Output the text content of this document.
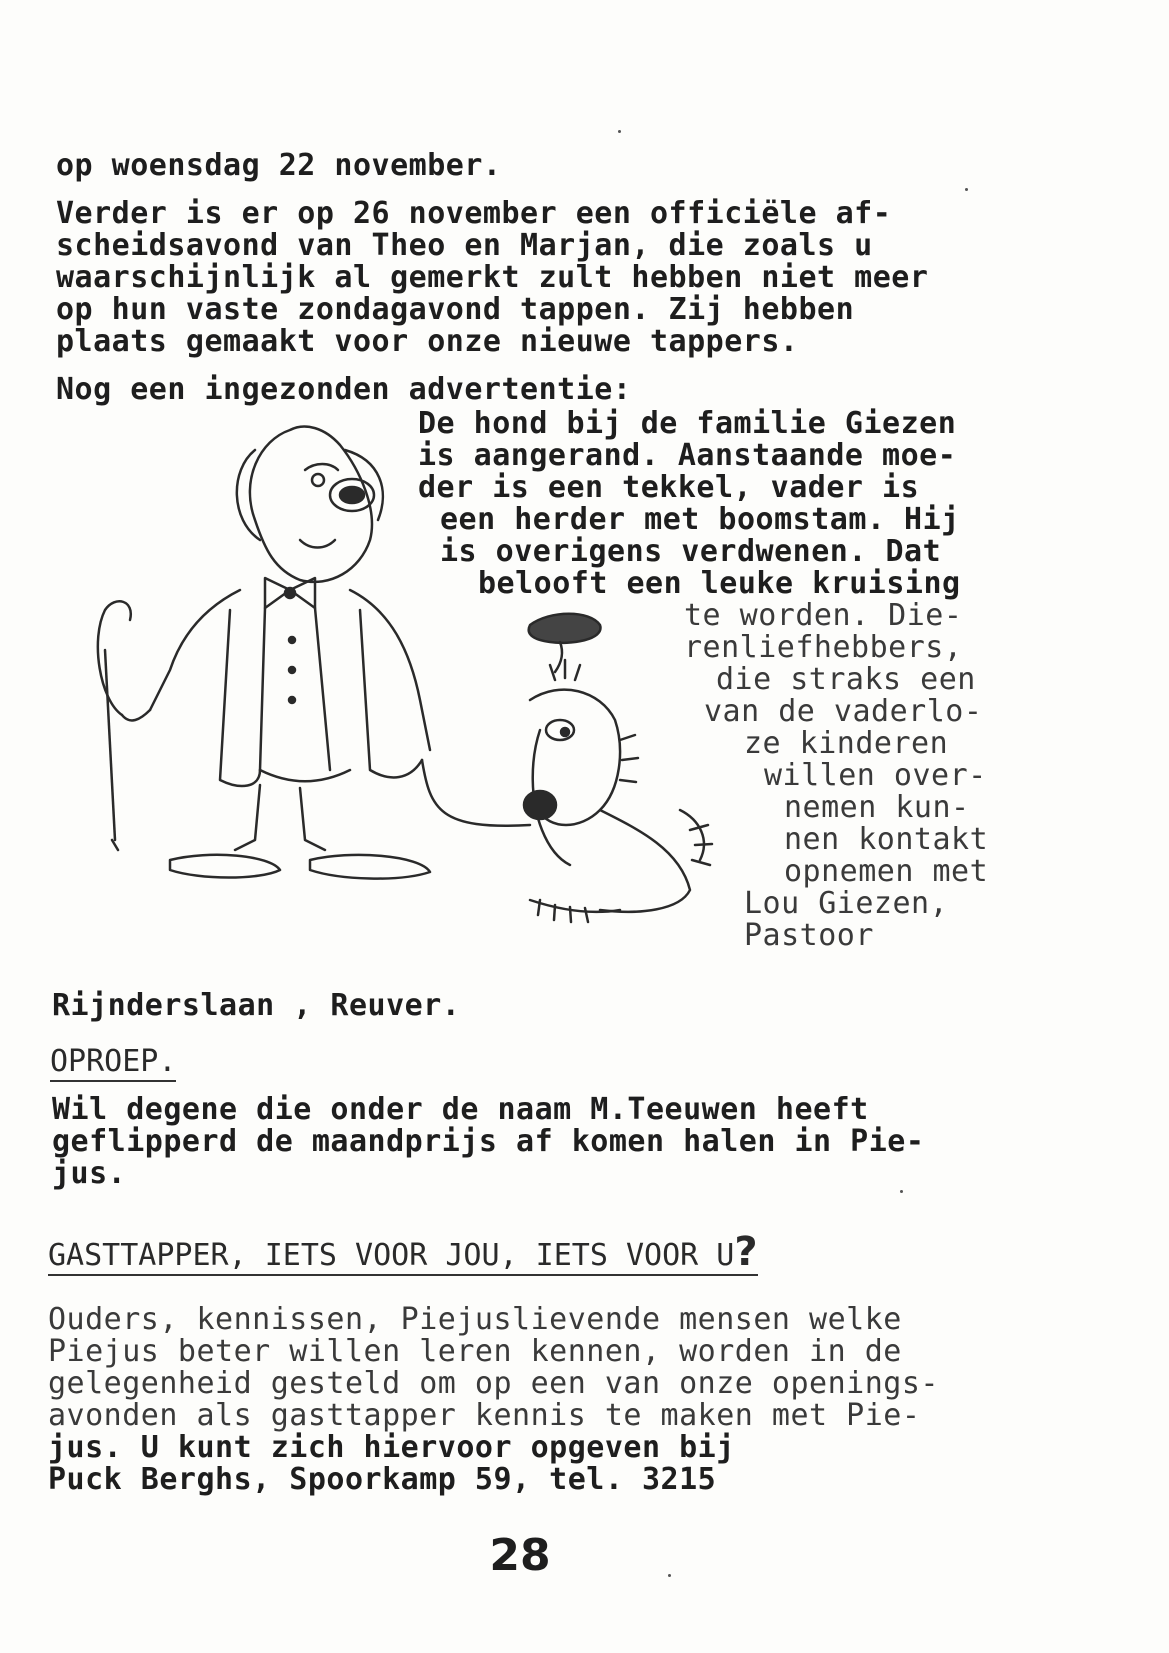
op woensdag 22 november.
Verder is er op 26 november een officiële af-
scheidsavond van Theo en Marjan, die zoals u
waarschijnlijk al gemerkt zult hebben niet meer
op hun vaste zondagavond tappen. Zij hebben
plaats gemaakt voor onze nieuwe tappers.
Nog een ingezonden advertentie:
De hond bij de familie Giezen
is aangerand. Aanstaande moe-
der is een tekkel, vader is
een herder met boomstam. Hij
is overigens verdwenen. Dat
belooft een leuke kruising
te worden. Die-
renliefhebbers,
die straks een
van de vaderlo-
ze kinderen
willen over-
nemen kun-
nen kontakt
opnemen met
Lou Giezen,
Pastoor
Rijnderslaan , Reuver.
OPROEP.
Wil degene die onder de naam M.Teeuwen heeft
geflipperd de maandprijs af komen halen in Pie-
jus.
GASTTAPPER, IETS VOOR JOU, IETS VOOR U?
Ouders, kennissen, Piejuslievende mensen welke
Piejus beter willen leren kennen, worden in de
gelegenheid gesteld om op een van onze openings-
avonden als gasttapper kennis te maken met Pie-
jus. U kunt zich hiervoor opgeven bij
Puck Berghs, Spoorkamp 59, tel. 3215
28
